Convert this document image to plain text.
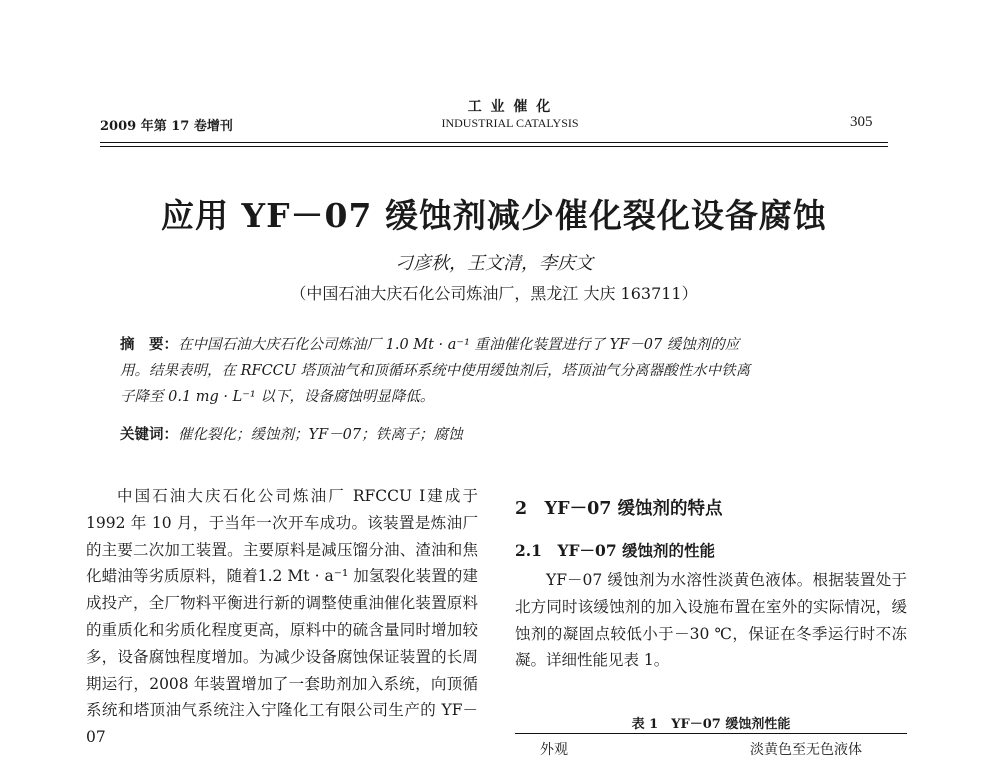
2009 年第 17 卷增刊
工 业 催 化
INDUSTRIAL CATALYSIS	305
应用 YF－07 缓蚀剂减少催化裂化设备腐蚀
刁彦秋，王文清，李庆文
（中国石油大庆石化公司炼油厂，黑龙江 大庆 163711）

摘　要：在中国石油大庆石化公司炼油厂 1.0 Mt · a⁻¹ 重油催化装置进行了 YF－07 缓蚀剂的应

用。结果表明，在 RFCCU 塔顶油气和顶循环系统中使用缓蚀剂后，塔顶油气分离器酸性水中铁离

子降至 0.1 mg · L⁻¹ 以下，设备腐蚀明显降低。

关键词：催化裂化；缓蚀剂；YF－07；铁离子；腐蚀

中国石油大庆石化公司炼油厂 RFCCU Ⅰ建成于 1992 年 10 月，于当年一次开车成功。该装置是炼油厂的主要二次加工装置。主要原料是减压馏分油、渣油和焦化蜡油等劣质原料，随着1.2 Mt · a⁻¹ 加氢裂化装置的建成投产，全厂物料平衡进行新的调整使重油催化装置原料的重质化和劣质化程度更高，原料中的硫含量同时增加较多，设备腐蚀程度增加。为减少设备腐蚀保证装置的长周期运行，2008 年装置增加了一套助剂加入系统，向顶循系统和塔顶油气系统注入宁隆化工有限公司生产的 YF－07

2　YF－07 缓蚀剂的特点
2.1　YF－07 缓蚀剂的性能

YF－07 缓蚀剂为水溶性淡黄色液体。根据装置处于北方同时该缓蚀剂的加入设施布置在室外的实际情况，缓蚀剂的凝固点较低小于－30 ℃，保证在冬季运行时不冻凝。详细性能见表 1。

表 1　YF－07 缓蚀剂性能
外观	淡黄色至无色液体
